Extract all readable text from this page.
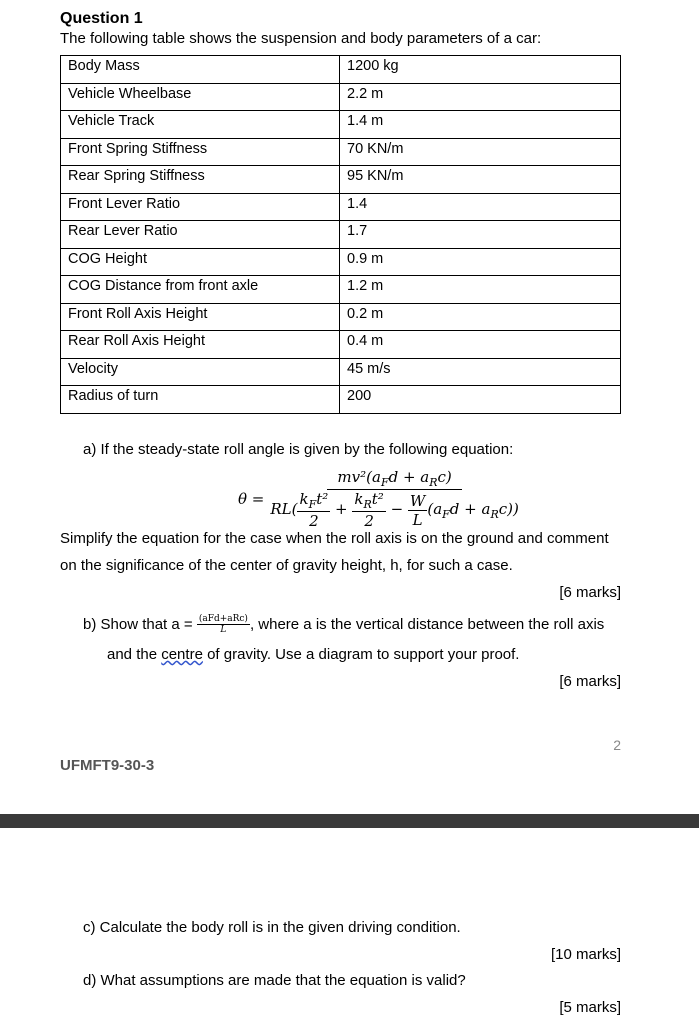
Question 1
The following table shows the suspension and body parameters of a car:
Body Mass	1200 kg
Vehicle Wheelbase	2.2 m
Vehicle Track	1.4 m
Front Spring Stiffness	70 KN/m
Rear Spring Stiffness	95 KN/m
Front Lever Ratio	1.4
Rear Lever Ratio	1.7
COG Height	0.9 m
COG Distance from front axle	1.2 m
Front Roll Axis Height	0.2 m
Rear Roll Axis Height	0.4 m
Velocity	45 m/s
Radius of turn	200
a) If the steady-state roll angle is given by the following equation:
$\theta = \frac{mv^2(a_Fd + a_Rc)}{RL( \frac{k_Ft^2}{2} + \frac{k_Rt^2}{2} - \frac{W}{L} (a_Fd + a_Rc))}$
Simplify the equation for the case when the roll axis is on the ground and comment
on the significance of the center of gravity height, h, for such a case.
[6 marks]
b) Show that $a = \frac{\text{(aFd+aRc)}}{L}$ , where a is the vertical distance between the roll axis
and the centre of gravity. Use a diagram to support your proof.
[6 marks]
2
UFMFT9-30-3
c) Calculate the body roll is in the given driving condition.
[10 marks]
d) What assumptions are made that the equation is valid?
[5 marks]
